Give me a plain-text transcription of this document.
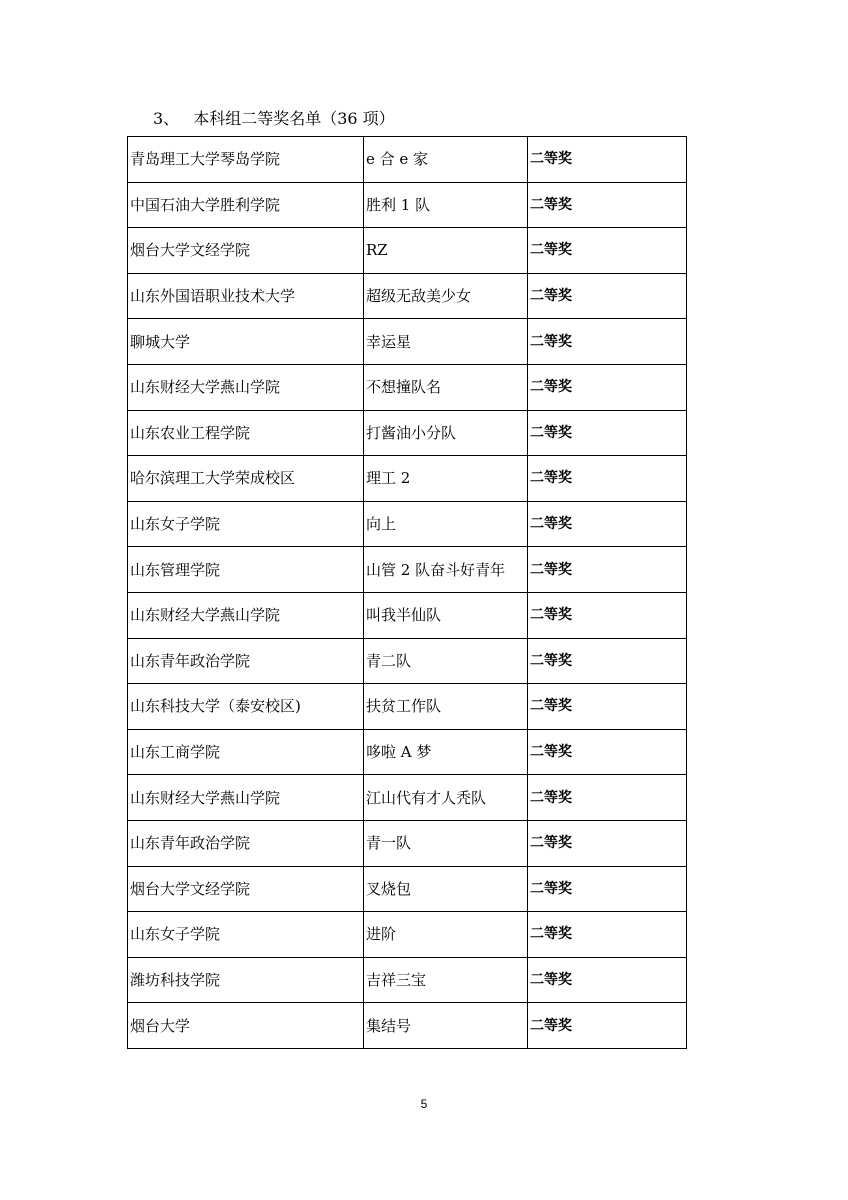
3、 本科组二等奖名单（36 项）
青岛理工大学琴岛学院	e 合 e 家	二等奖
中国石油大学胜利学院	胜利 1 队	二等奖
烟台大学文经学院	RZ	二等奖
山东外国语职业技术大学	超级无敌美少女	二等奖
聊城大学	幸运星	二等奖
山东财经大学燕山学院	不想撞队名	二等奖
山东农业工程学院	打酱油小分队	二等奖
哈尔滨理工大学荣成校区	理工 2	二等奖
山东女子学院	向上	二等奖
山东管理学院	山管 2 队奋斗好青年	二等奖
山东财经大学燕山学院	叫我半仙队	二等奖
山东青年政治学院	青二队	二等奖
山东科技大学（泰安校区)	扶贫工作队	二等奖
山东工商学院	哆啦 A 梦	二等奖
山东财经大学燕山学院	江山代有才人秃队	二等奖
山东青年政治学院	青一队	二等奖
烟台大学文经学院	叉烧包	二等奖
山东女子学院	进阶	二等奖
潍坊科技学院	吉祥三宝	二等奖
烟台大学	集结号	二等奖
5
